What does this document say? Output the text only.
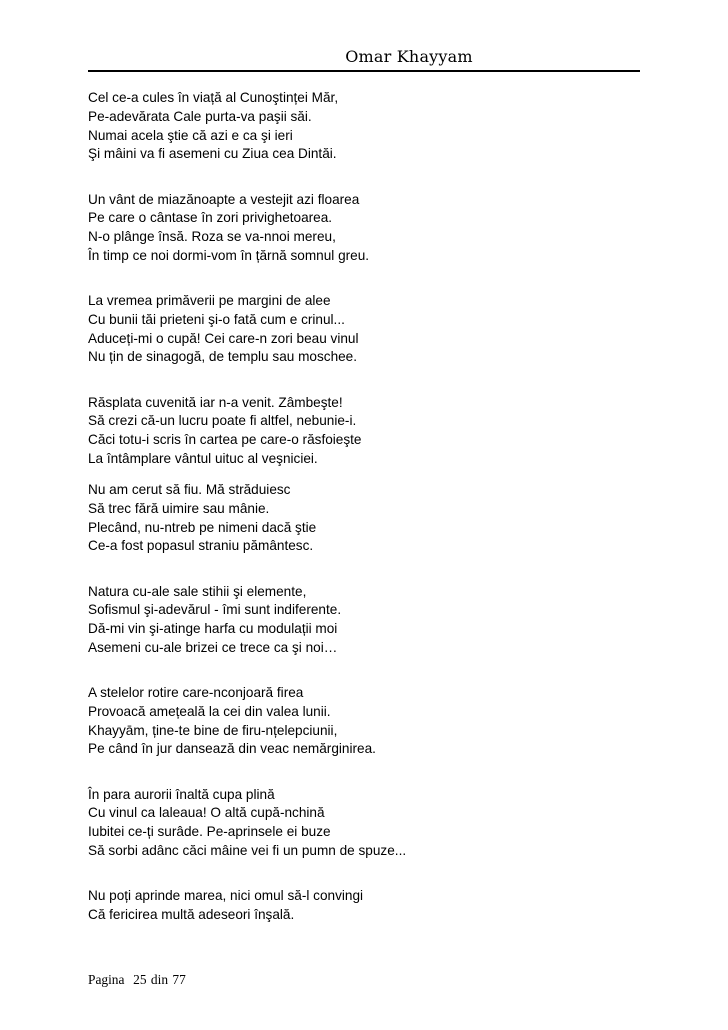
Omar Khayyam

Cel ce-a cules în viață al Cunoştinței Măr,
Pe-adevărata Cale purta-va paşii săi.
Numai acela ştie că azi e ca şi ieri
Şi mâini va fi asemeni cu Ziua cea Dintăi.

Un vânt de miazănoapte a vestejit azi floarea
Pe care o cântase în zori privighetoarea.
N-o plânge însă. Roza se va-nnoi mereu,
În timp ce noi dormi-vom în țărnă somnul greu.

La vremea primăverii pe margini de alee
Cu bunii tăi prieteni şi-o fată cum e crinul...
Aduceți-mi o cupă! Cei care-n zori beau vinul
Nu țin de sinagogă, de templu sau moschee.

Răsplata cuvenită iar n-a venit. Zâmbeşte!
Să crezi că-un lucru poate fi altfel, nebunie-i.
Căci totu-i scris în cartea pe care-o răsfoieşte
La întâmplare vântul uituc al veşniciei.

Nu am cerut să fiu. Mă străduiesc
Să trec fără uimire sau mânie.
Plecând, nu-ntreb pe nimeni dacă ştie
Ce-a fost popasul straniu pământesc.

Natura cu-ale sale stihii şi elemente,
Sofismul şi-adevărul - îmi sunt indiferente.
Dă-mi vin şi-atinge harfa cu modulații moi
Asemeni cu-ale brizei ce trece ca şi noi…

A stelelor rotire care-nconjoară firea
Provoacă amețeală la cei din valea lunii.
Khayyām, ține-te bine de firu-nțelepciunii,
Pe când în jur dansează din veac nemărginirea.

În para aurorii înaltă cupa plină
Cu vinul ca laleaua! O altă cupă-nchină
Iubitei ce-ți surâde. Pe-aprinsele ei buze
Să sorbi adânc căci mâine vei fi un pumn de spuze...

Nu poți aprinde marea, nici omul să-l convingi
Că fericirea multă adeseori înşală.

Pagina 25 din 77
